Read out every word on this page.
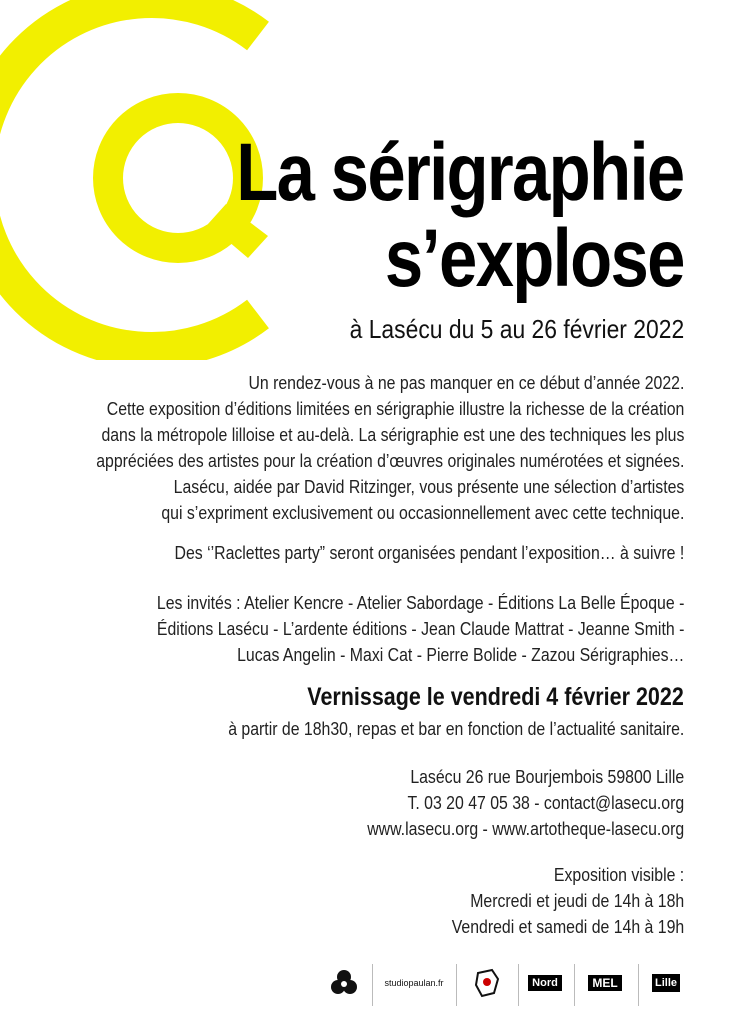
La sérigraphie
s’explose
à Lasécu du 5 au 26 février 2022
Un rendez-vous à ne pas manquer en ce début d’année 2022.
Cette exposition d’éditions limitées en sérigraphie illustre la richesse de la création
dans la métropole lilloise et au-delà. La sérigraphie est une des techniques les plus
appréciées des artistes pour la création d’œuvres originales numérotées et signées.
Lasécu, aidée par David Ritzinger, vous présente une sélection d’artistes
qui s’expriment exclusivement ou occasionnellement avec cette technique.
Des ‘’Raclettes party” seront organisées pendant l’exposition… à suivre !
Les invités : Atelier Kencre - Atelier Sabordage - Éditions La Belle Époque -
Éditions Lasécu - L’ardente éditions - Jean Claude Mattrat - Jeanne Smith -
Lucas Angelin - Maxi Cat - Pierre Bolide - Zazou Sérigraphies…
Vernissage le vendredi 4 février 2022
à partir de 18h30, repas et bar en fonction de l’actualité sanitaire.
Lasécu 26 rue Bourjembois 59800 Lille
T. 03 20 47 05 38 - contact@lasecu.org
www.lasecu.org - www.artotheque-lasecu.org
Exposition visible :
Mercredi et jeudi de 14h à 18h
Vendredi et samedi de 14h à 19h
studiopaulan.fr	Nord	MEL	Lille
